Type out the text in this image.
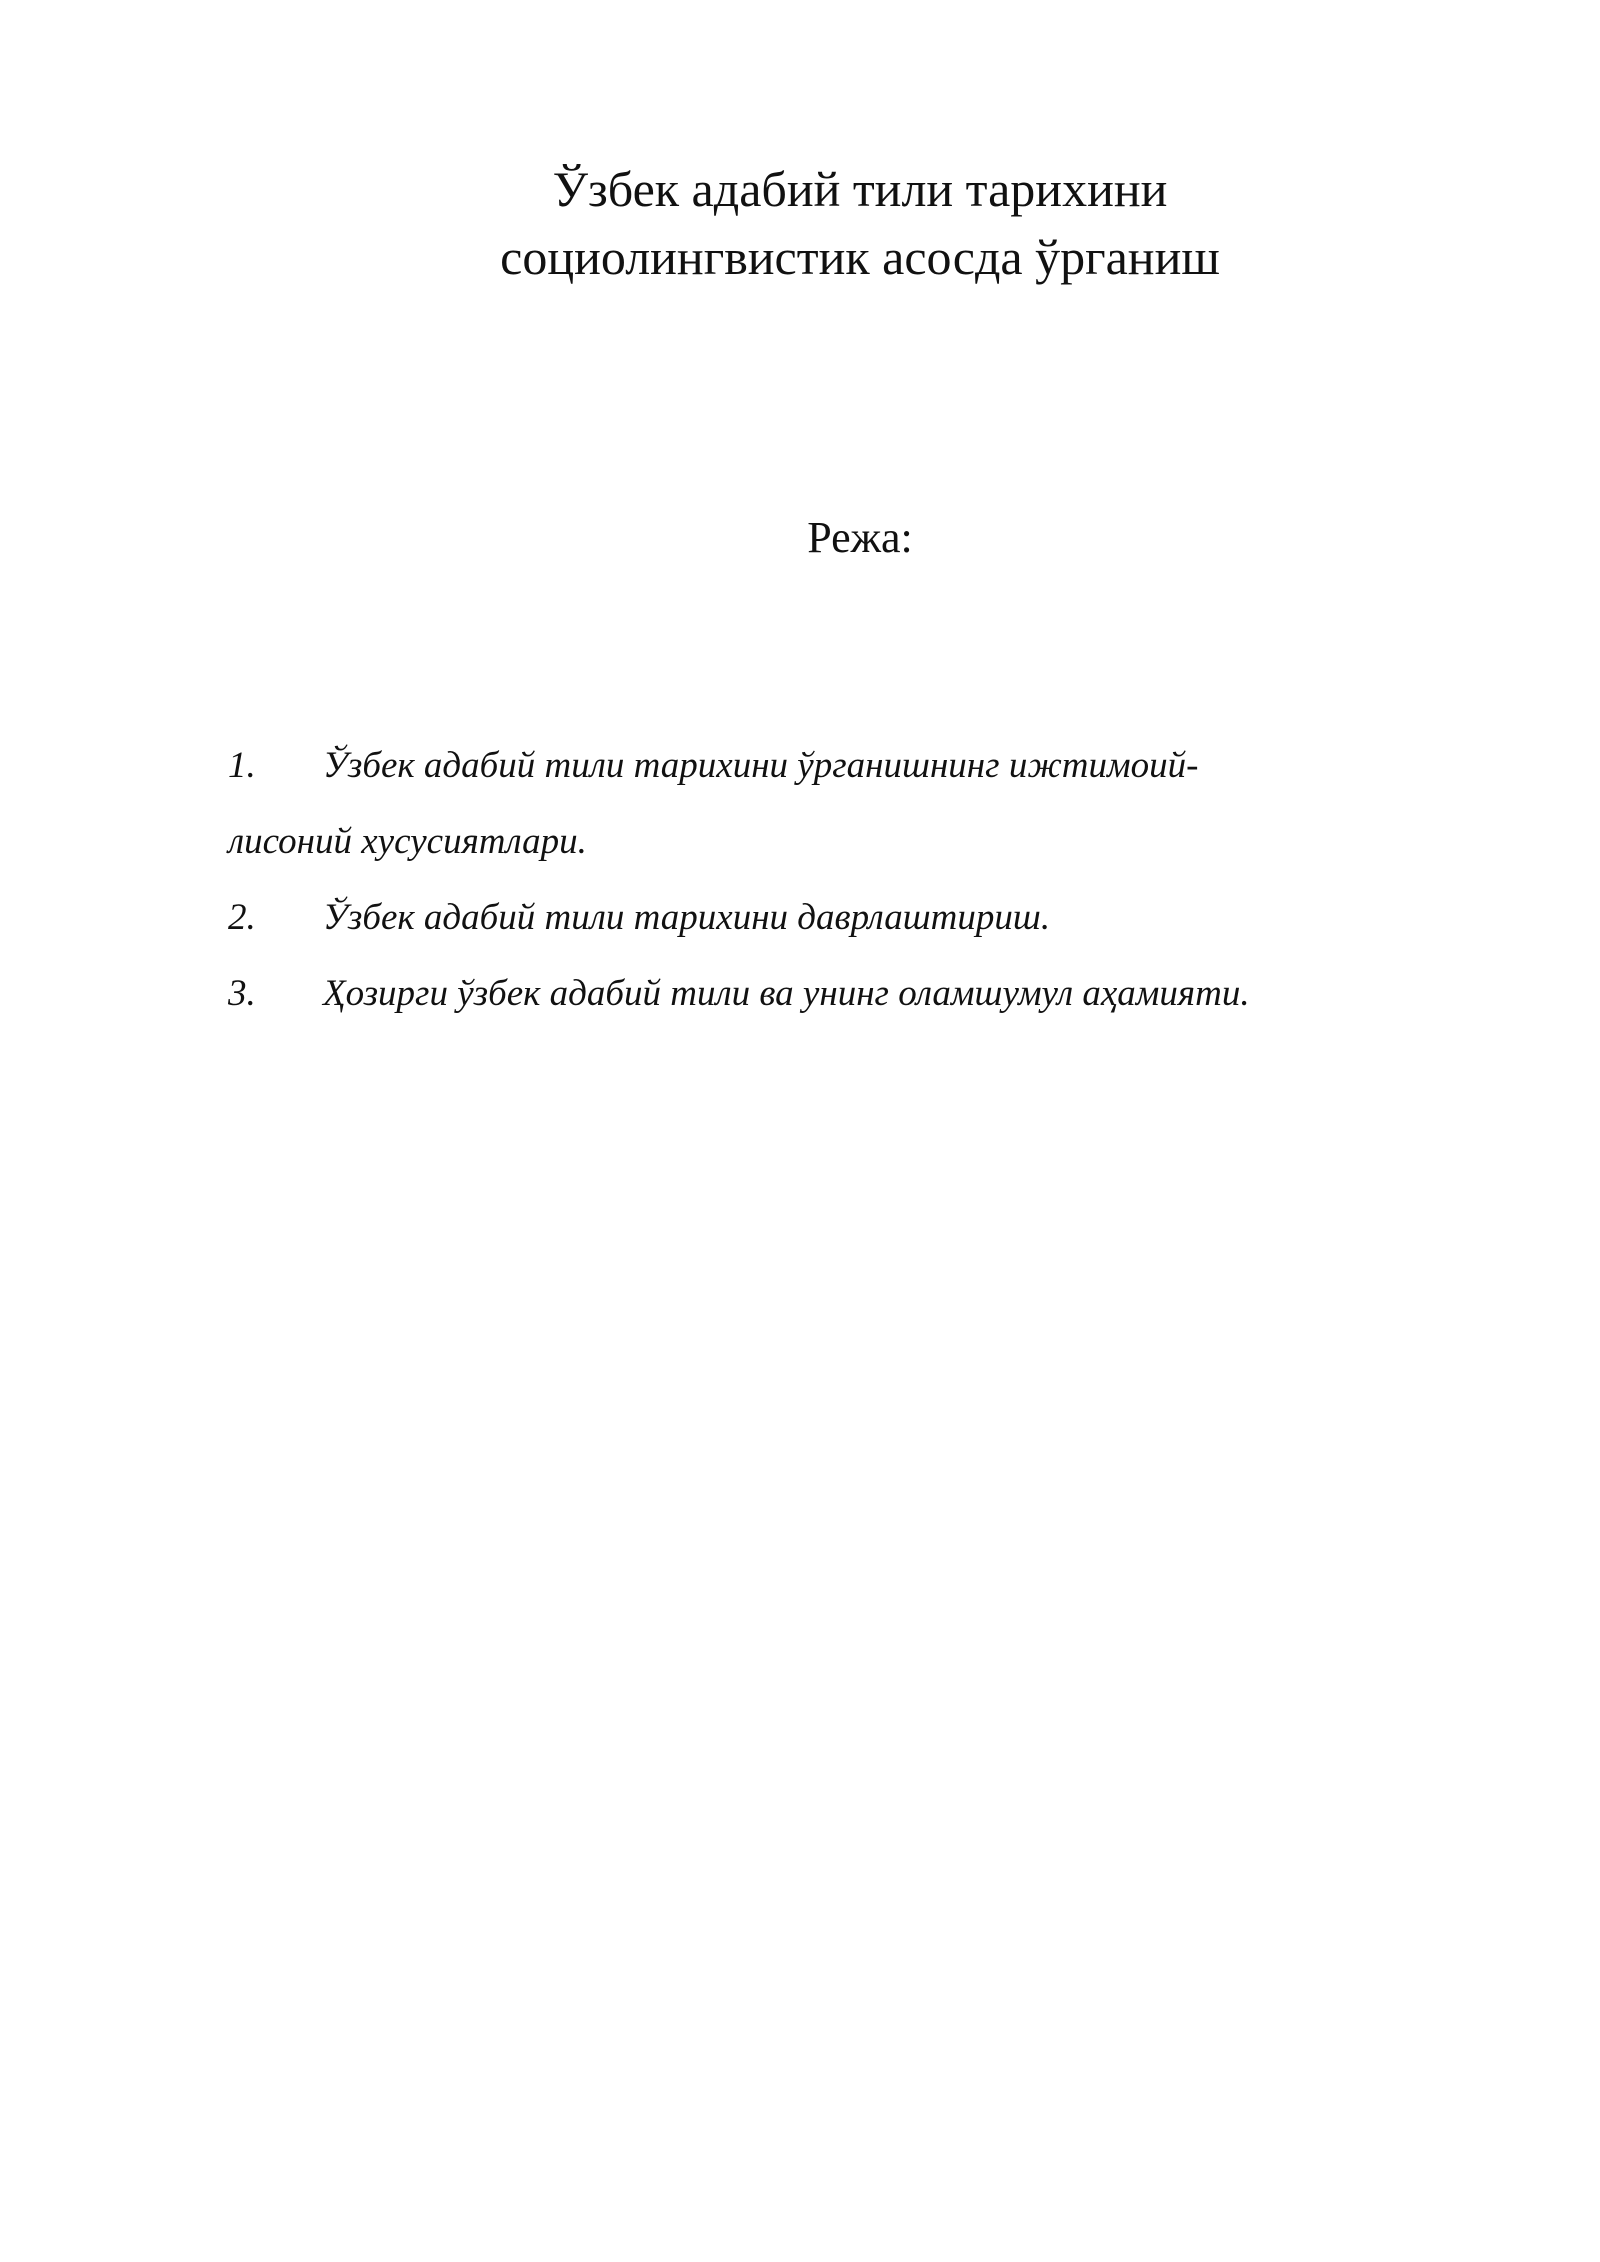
Ўзбек адабий тили тарихини
социолингвистик асосда ўрганиш
Режа:
1. Ўзбек адабий тили тарихини ўрганишнинг ижтимоий-
лисоний хусусиятлари.
2. Ўзбек адабий тили тарихини даврлаштириш.
3. Ҳозирги ўзбек адабий тили ва унинг оламшумул аҳамияти.
